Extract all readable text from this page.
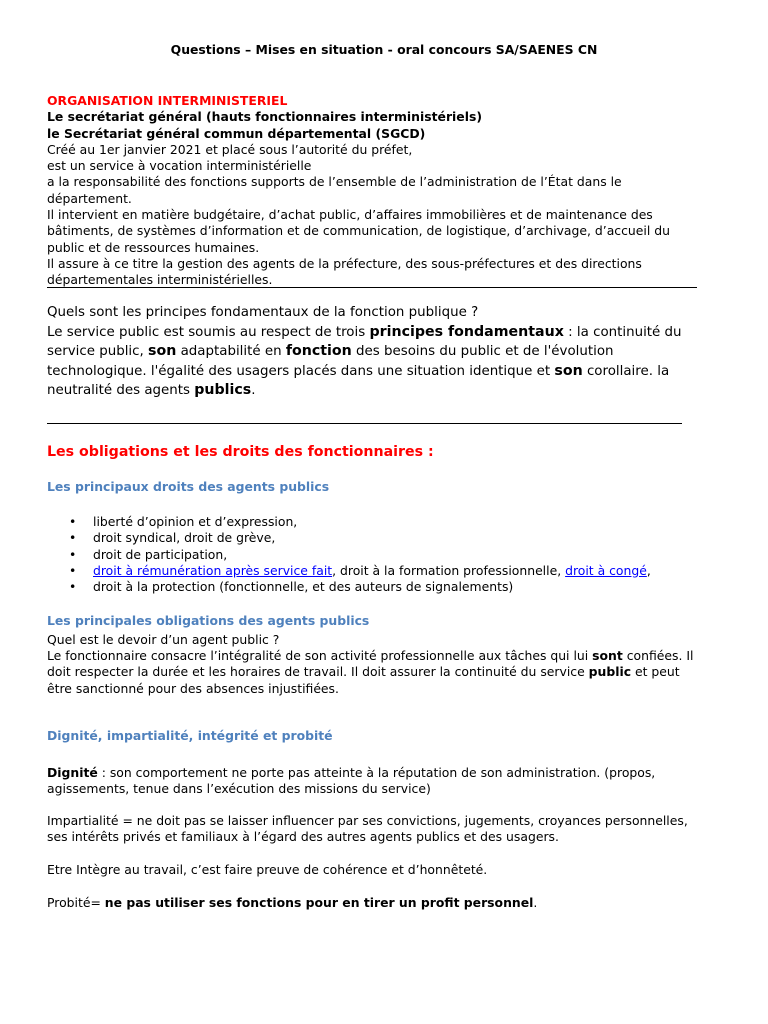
Questions – Mises en situation - oral concours SA/SAENES CN
ORGANISATION INTERMINISTERIEL
Le secrétariat général (hauts fonctionnaires interministériels)
le Secrétariat général commun départemental (SGCD)
Créé au 1er janvier 2021 et placé sous l’autorité du préfet,
est un service à vocation interministérielle
a la responsabilité des fonctions supports de l’ensemble de l’administration de l’État dans le département.
Il intervient en matière budgétaire, d’achat public, d’affaires immobilières et de maintenance des bâtiments, de systèmes d’information et de communication, de logistique, d’archivage, d’accueil du public et de ressources humaines.
Il assure à ce titre la gestion des agents de la préfecture, des sous-préfectures et des directions départementales interministérielles.

Quels sont les principes fondamentaux de la fonction publique ?

Le service public est soumis au respect de trois principes fondamentaux : la continuité du service public, son adaptabilité en fonction des besoins du public et de l'évolution technologique. l'égalité des usagers placés dans une situation identique et son corollaire. la neutralité des agents publics.

Les obligations et les droits des fonctionnaires :
Les principaux droits des agents publics
• liberté d’opinion et d’expression,
• droit syndical, droit de grève,
• droit de participation,
• droit à rémunération après service fait, droit à la formation professionnelle, droit à congé,
• droit à la protection (fonctionnelle, et des auteurs de signalements)
Les principales obligations des agents publics
Quel est le devoir d’un agent public ?
Le fonctionnaire consacre l’intégralité de son activité professionnelle aux tâches qui lui sont confiées. Il doit respecter la durée et les horaires de travail. Il doit assurer la continuité du service public et peut être sanctionné pour des absences injustifiées.
Dignité, impartialité, intégrité et probité
Dignité : son comportement ne porte pas atteinte à la réputation de son administration. (propos, agissements, tenue dans l’exécution des missions du service)
Impartialité = ne doit pas se laisser influencer par ses convictions, jugements, croyances personnelles, ses intérêts privés et familiaux à l’égard des autres agents publics et des usagers.
Etre Intègre au travail, c’est faire preuve de cohérence et d’honnêteté.
Probité= ne pas utiliser ses fonctions pour en tirer un profit personnel.
